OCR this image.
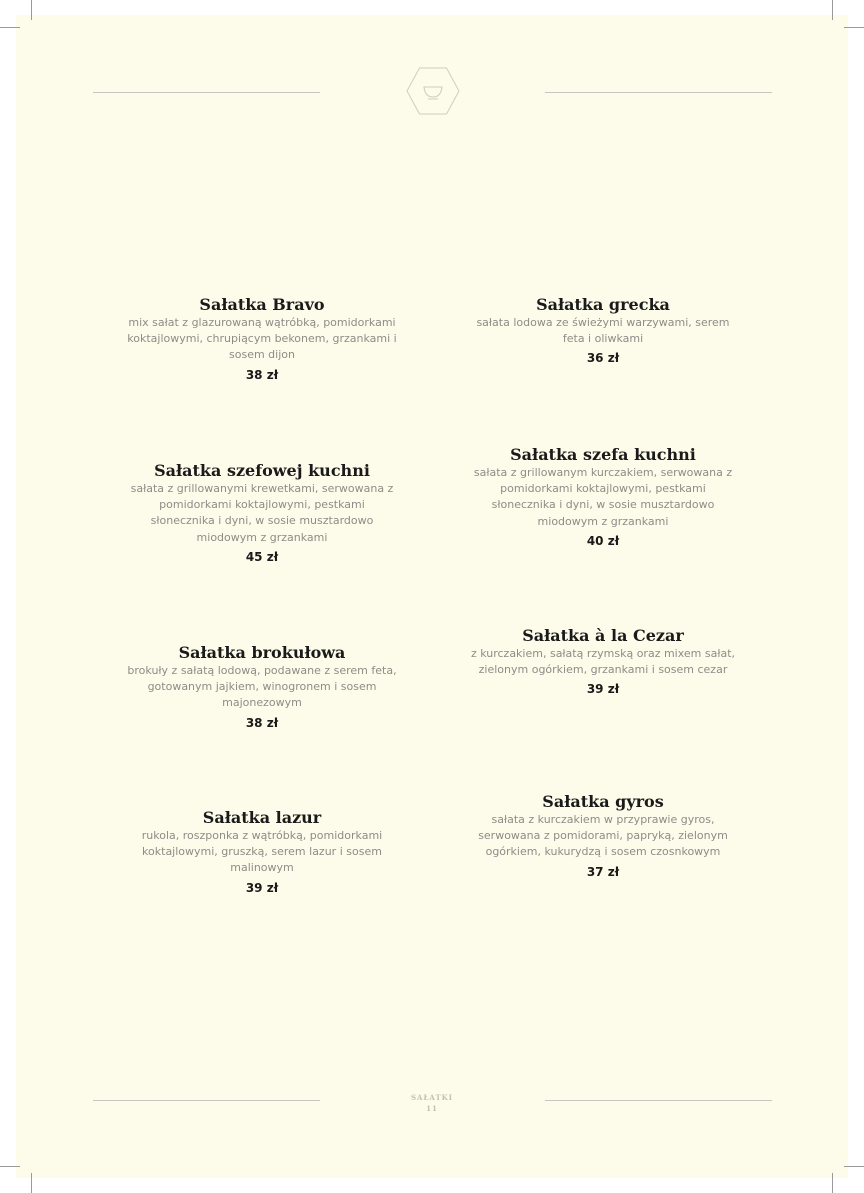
Sałatka Bravo
mix sałat z glazurowaną wątróbką, pomidorkami koktajlowymi, chrupiącym bekonem, grzankami i sosem dijon
38 zł
Sałatka szefowej kuchni
sałata z grillowanymi krewetkami, serwowana z pomidorkami koktajlowymi, pestkami słonecznika i dyni, w sosie musztardowo miodowym z grzankami
45 zł
Sałatka brokułowa
brokuły z sałatą lodową, podawane z serem feta, gotowanym jajkiem, winogronem i sosem majonezowym
38 zł
Sałatka lazur
rukola, roszponka z wątróbką, pomidorkami koktajlowymi, gruszką, serem lazur i sosem malinowym
39 zł
Sałatka grecka
sałata lodowa ze świeżymi warzywami, serem feta i oliwkami
36 zł
Sałatka szefa kuchni
sałata z grillowanym kurczakiem, serwowana z pomidorkami koktajlowymi, pestkami słonecznika i dyni, w sosie musztardowo miodowym z grzankami
40 zł
Sałatka à la Cezar
z kurczakiem, sałatą rzymską oraz mixem sałat, zielonym ogórkiem, grzankami i sosem cezar
39 zł
Sałatka gyros
sałata z kurczakiem w przyprawie gyros, serwowana z pomidorami, papryką, zielonym ogórkiem, kukurydzą i sosem czosnkowym
37 zł
SAŁATKI
11
